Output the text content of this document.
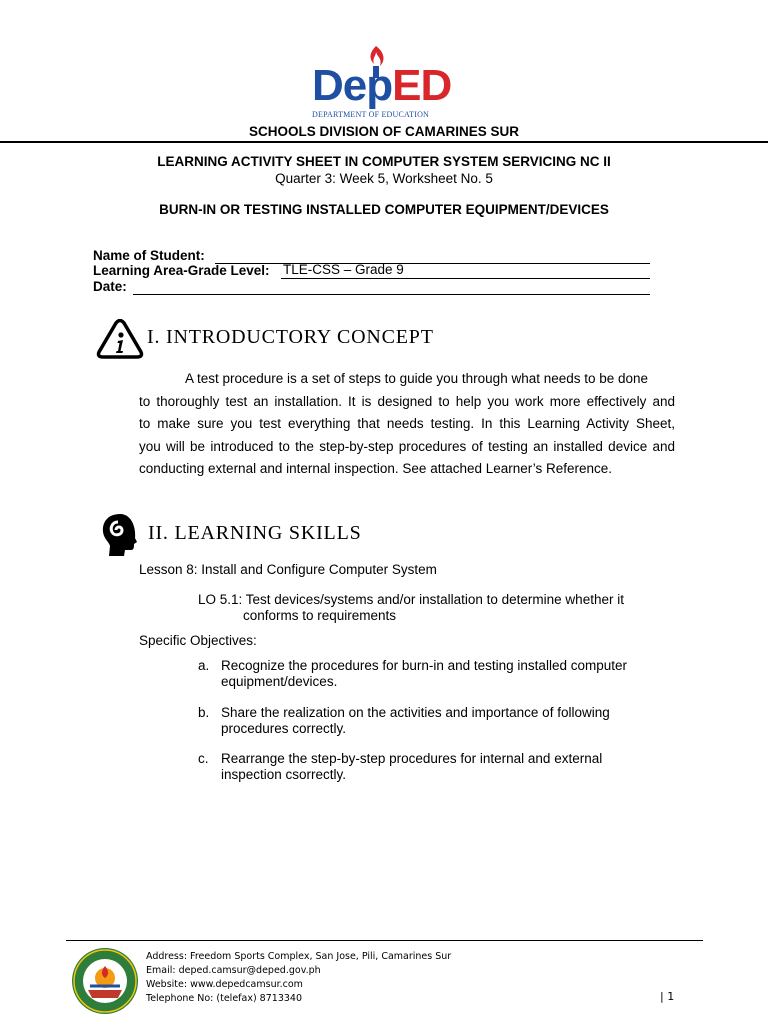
DepED
DEPARTMENT OF EDUCATION
SCHOOLS DIVISION OF CAMARINES SUR
LEARNING ACTIVITY SHEET IN COMPUTER SYSTEM SERVICING NC II
Quarter 3: Week 5, Worksheet No. 5
BURN-IN OR TESTING INSTALLED COMPUTER EQUIPMENT/DEVICES
Name of Student:
Learning Area-Grade Level: TLE-CSS – Grade 9
Date:
I. INTRODUCTORY CONCEPT
A test procedure is a set of steps to guide you through what needs to be done
to thoroughly test an installation. It is designed to help you work more effectively and
to make sure you test everything that needs testing. In this Learning Activity Sheet,
you will be introduced to the step-by-step procedures of testing an installed device and
conducting external and internal inspection. See attached Learner’s Reference.
II. LEARNING SKILLS
Lesson 8: Install and Configure Computer System
LO 5.1: Test devices/systems and/or installation to determine whether it
conforms to requirements
Specific Objectives:
a. Recognize the procedures for burn-in and testing installed computer
equipment/devices.
b. Share the realization on the activities and importance of following
procedures correctly.
c. Rearrange the step-by-step procedures for internal and external
inspection csorrectly.
Address: Freedom Sports Complex, San Jose, Pili, Camarines Sur
Email: deped.camsur@deped.gov.ph
Website: www.depedcamsur.com
Telephone No: (telefax) 8713340	| 1
